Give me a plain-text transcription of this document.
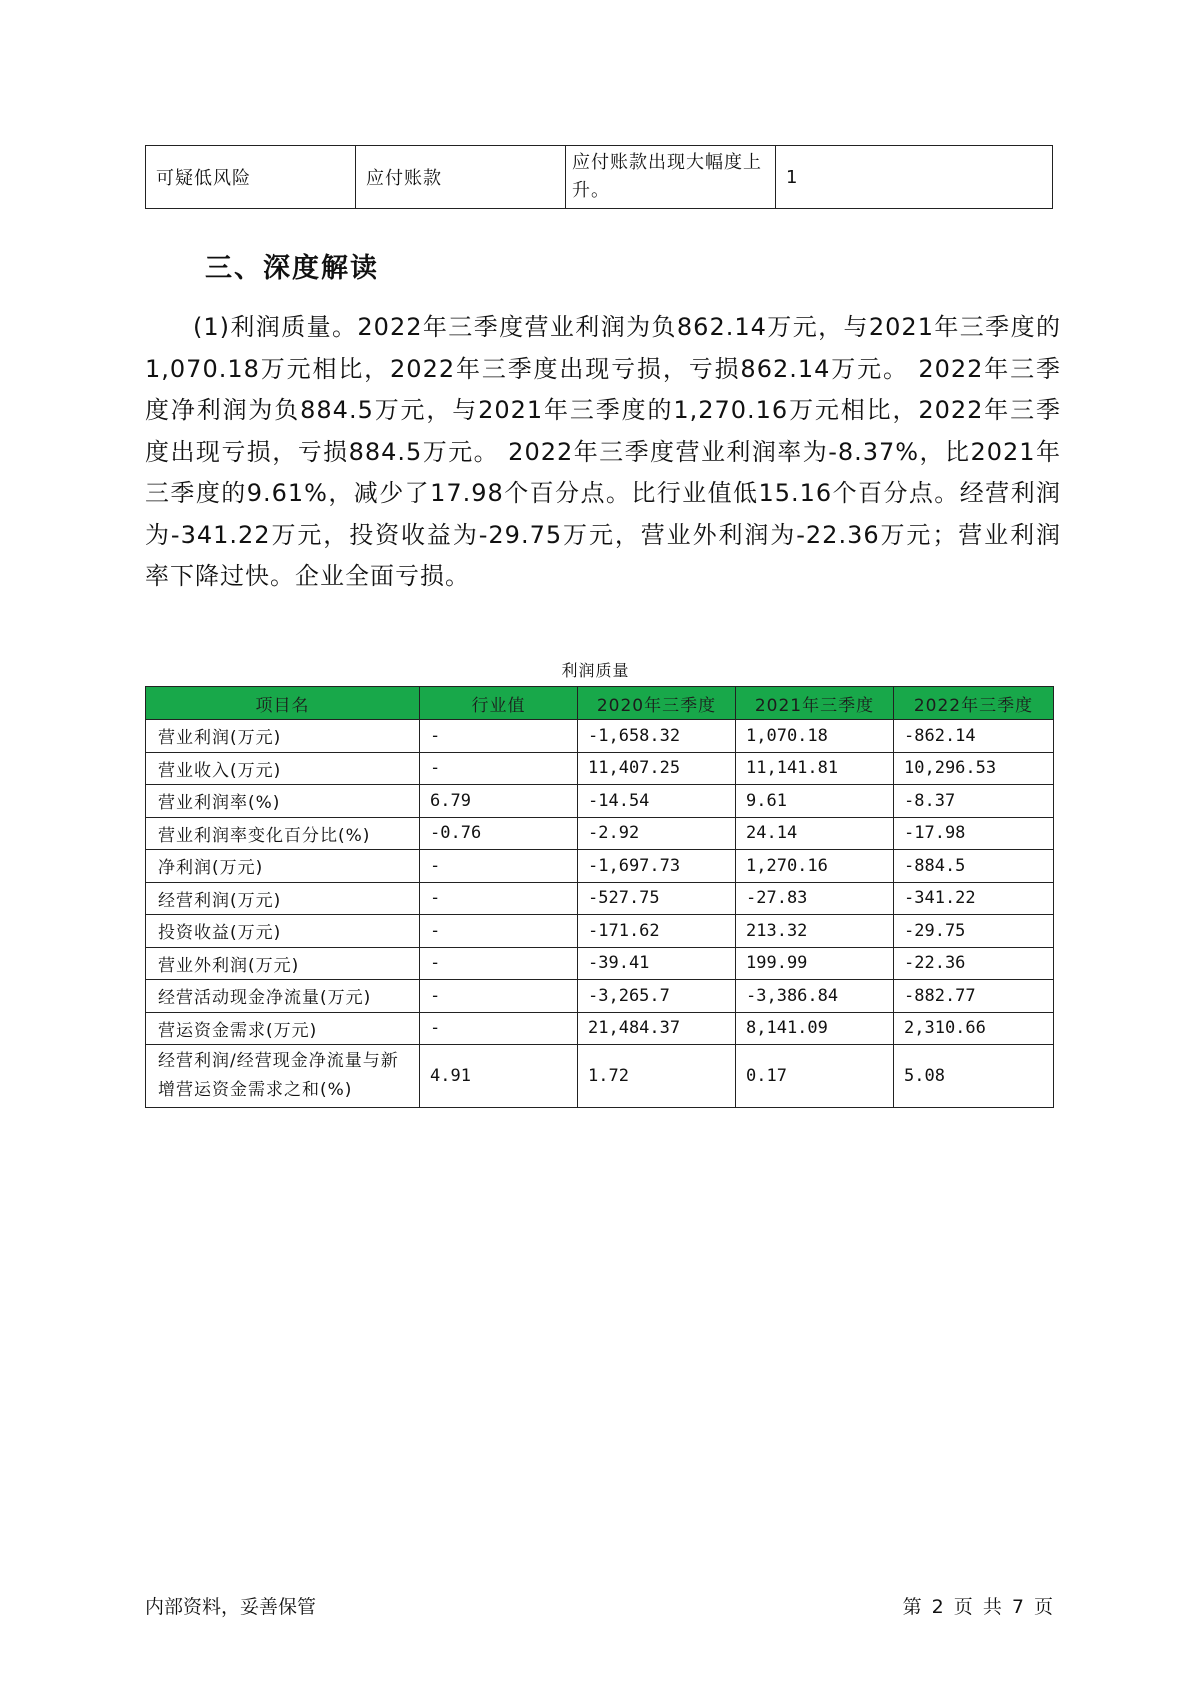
可疑低风险	应付账款	应付账款出现大幅度上升。	1
三、深度解读

(1)利润质量。2022年三季度营业利润为负862.14万元，与2021年三季度的1,070.18万元相比，2022年三季度出现亏损，亏损862.14万元。 2022年三季度净利润为负884.5万元，与2021年三季度的1,270.16万元相比，2022年三季度出现亏损，亏损884.5万元。 2022年三季度营业利润率为-8.37%，比2021年三季度的9.61%，减少了17.98个百分点。比行业值低15.16个百分点。经营利润为-341.22万元，投资收益为-29.75万元，营业外利润为-22.36万元；营业利润率下降过快。企业全面亏损。

利润质量
项目名	行业值	2020年三季度	2021年三季度	2022年三季度
营业利润(万元)	-	-1,658.32	1,070.18	-862.14
营业收入(万元)	-	11,407.25	11,141.81	10,296.53
营业利润率(%)	6.79	-14.54	9.61	-8.37
营业利润率变化百分比(%)	-0.76	-2.92	24.14	-17.98
净利润(万元)	-	-1,697.73	1,270.16	-884.5
经营利润(万元)	-	-527.75	-27.83	-341.22
投资收益(万元)	-	-171.62	213.32	-29.75
营业外利润(万元)	-	-39.41	199.99	-22.36
经营活动现金净流量(万元)	-	-3,265.7	-3,386.84	-882.77
营运资金需求(万元)	-	21,484.37	8,141.09	2,310.66
经营利润/经营现金净流量与新增营运资金需求之和(%)	4.91	1.72	0.17	5.08
内部资料，妥善保管	第 2 页 共 7 页
